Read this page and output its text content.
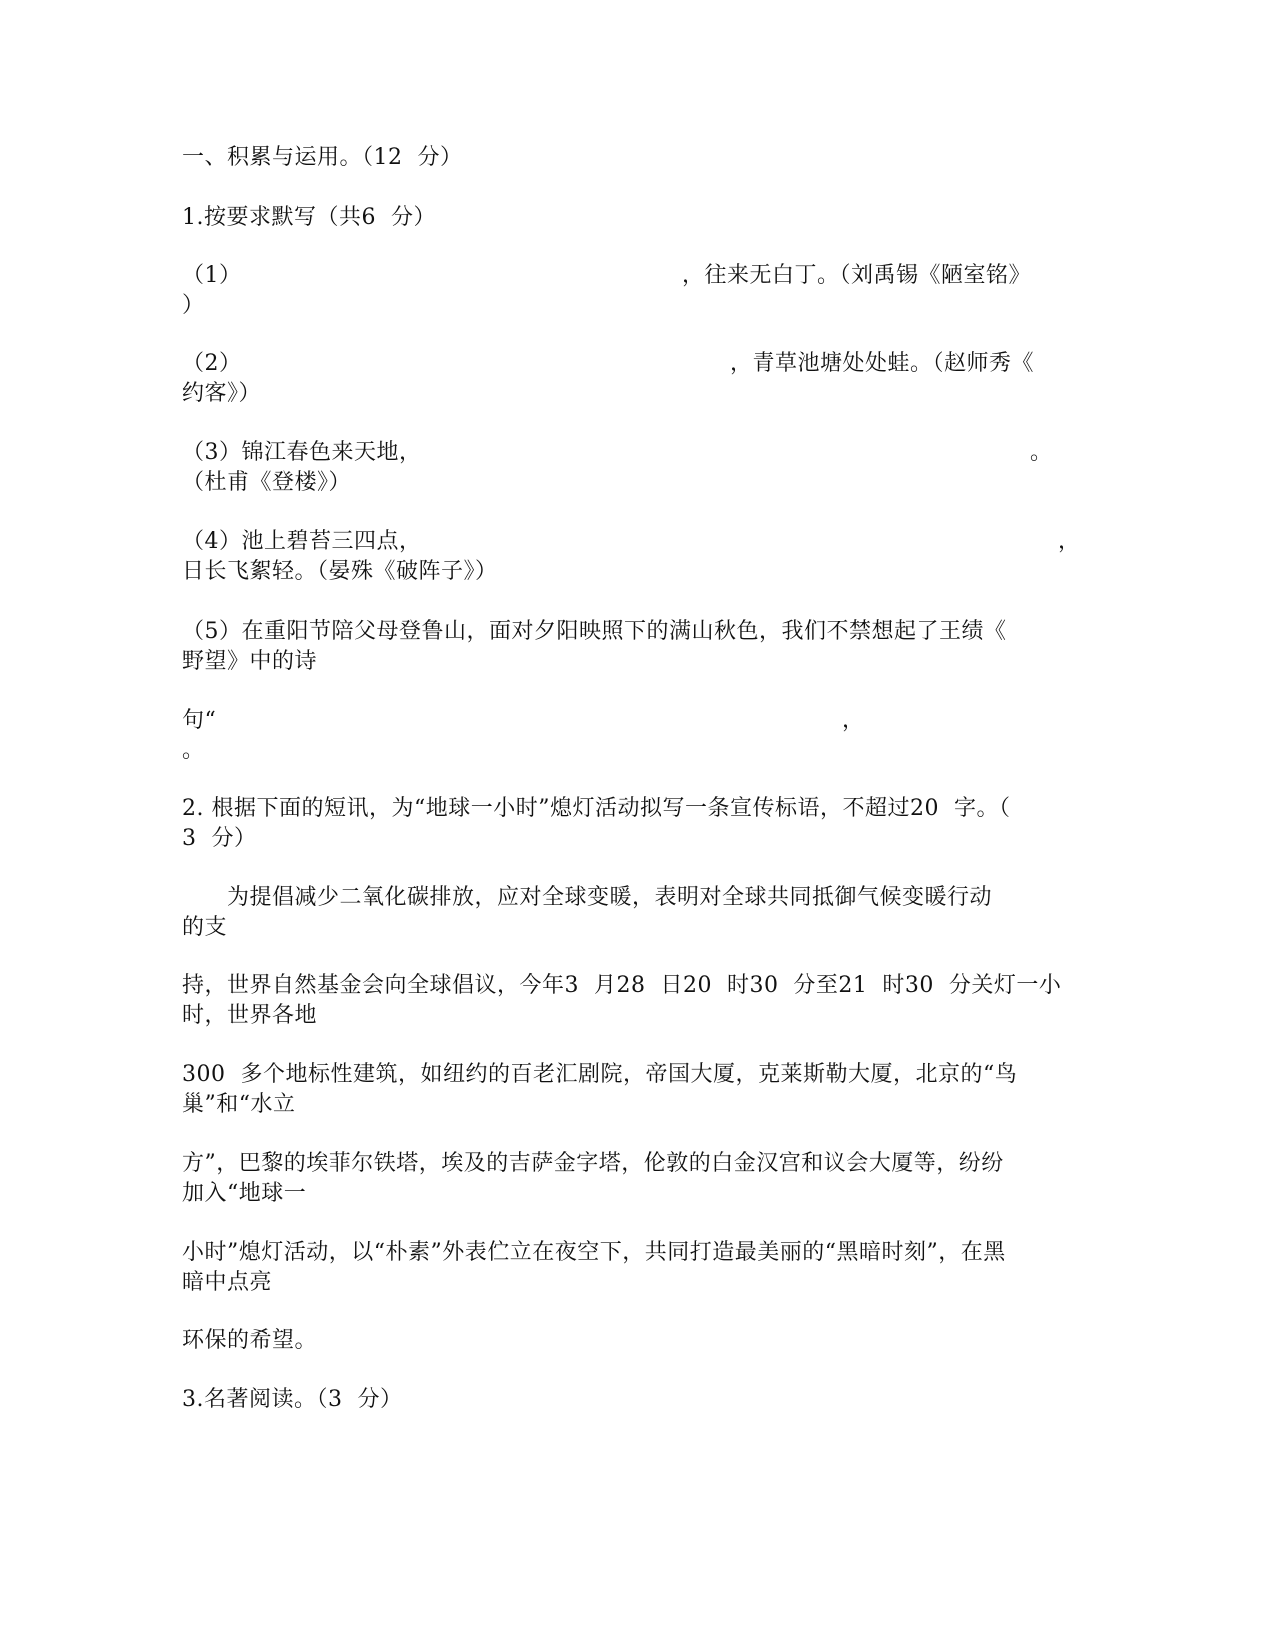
一、积累与运用。（12  分）
1.按要求默写（共6  分）
（1）	，往来无白丁。（刘禹锡《陋室铭》
）
（2）	，青草池塘处处蛙。（赵师秀《
约客》）
（3）锦江春色来天地，	。
（杜甫《登楼》）
（4）池上碧苔三四点，	，
日长飞絮轻。（晏殊《破阵子》）
（5）在重阳节陪父母登鲁山，面对夕阳映照下的满山秋色，我们不禁想起了王绩《
野望》中的诗
句“	，
。
2. 根据下面的短讯，为“地球一小时”熄灯活动拟写一条宣传标语，不超过20  字。（
3  分）
为提倡减少二氧化碳排放，应对全球变暖，表明对全球共同抵御气候变暖行动
的支
持，世界自然基金会向全球倡议，今年3  月28  日20  时30  分至21  时30  分关灯一小
时，世界各地
300  多个地标性建筑，如纽约的百老汇剧院，帝国大厦，克莱斯勒大厦，北京的“鸟
巢”和“水立
方”，巴黎的埃菲尔铁塔，埃及的吉萨金字塔，伦敦的白金汉宫和议会大厦等，纷纷
加入“地球一
小时”熄灯活动，以“朴素”外表伫立在夜空下，共同打造最美丽的“黑暗时刻”，在黑
暗中点亮
环保的希望。
3.名著阅读。（3  分）
